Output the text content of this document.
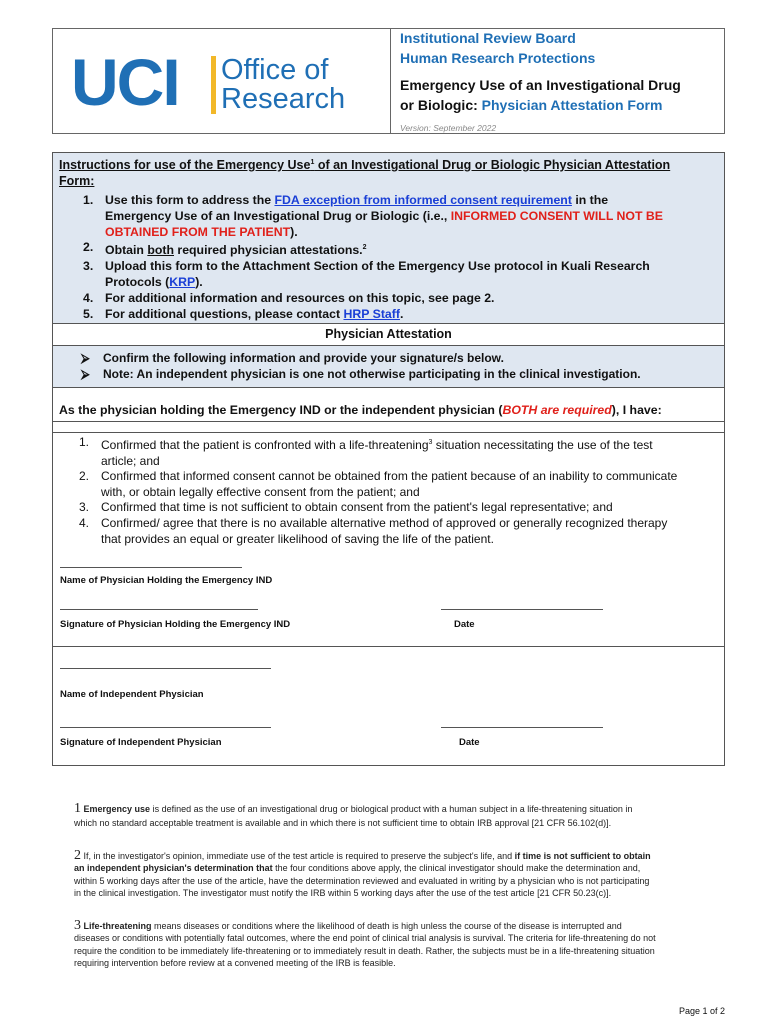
UCI Office of
Research
Institutional Review Board
Human Research Protections
Emergency Use of an Investigational Drug
or Biologic: Physician Attestation Form
Version: September 2022
Instructions for use of the Emergency Use$^1$ of an Investigational Drug or Biologic Physician Attestation
Form:
1. Use this form to address the FDA exception from informed consent requirement in the
Emergency Use of an Investigational Drug or Biologic (i.e., INFORMED CONSENT WILL NOT BE
OBTAINED FROM THE PATIENT).
2. Obtain both required physician attestations.$^2$
3. Upload this form to the Attachment Section of the Emergency Use protocol in Kuali Research
Protocols (KRP).
4. For additional information and resources on this topic, see page 2.
5. For additional questions, please contact HRP Staff.
Physician Attestation
⮚ Confirm the following information and provide your signature/s below.
⮚ Note: An independent physician is one not otherwise participating in the clinical investigation.
As the physician holding the Emergency IND or the independent physician (BOTH are required), I have:
1. Confirmed that the patient is confronted with a life-threatening$^3$ situation necessitating the use of the test
article; and
2. Confirmed that informed consent cannot be obtained from the patient because of an inability to communicate
with, or obtain legally effective consent from the patient; and
3. Confirmed that time is not sufficient to obtain consent from the patient's legal representative; and
4. Confirmed/ agree that there is no available alternative method of approved or generally recognized therapy
that provides an equal or greater likelihood of saving the life of the patient.
Name of Physician Holding the Emergency IND
Signature of Physician Holding the Emergency IND	Date
Name of Independent Physician
Signature of Independent Physician	Date
1 Emergency use is defined as the use of an investigational drug or biological product with a human subject in a life-threatening situation in
which no standard acceptable treatment is available and in which there is not sufficient time to obtain IRB approval [21 CFR 56.102(d)].
2 If, in the investigator's opinion, immediate use of the test article is required to preserve the subject's life, and if time is not sufficient to obtain
an independent physician's determination that the four conditions above apply, the clinical investigator should make the determination and,
within 5 working days after the use of the article, have the determination reviewed and evaluated in writing by a physician who is not participating
in the clinical investigation. The investigator must notify the IRB within 5 working days after the use of the test article [21 CFR 50.23(c)].
3 Life-threatening means diseases or conditions where the likelihood of death is high unless the course of the disease is interrupted and
diseases or conditions with potentially fatal outcomes, where the end point of clinical trial analysis is survival. The criteria for life-threatening do not
require the condition to be immediately life-threatening or to immediately result in death. Rather, the subjects must be in a life-threatening situation
requiring intervention before review at a convened meeting of the IRB is feasible.
Page 1 of 2
